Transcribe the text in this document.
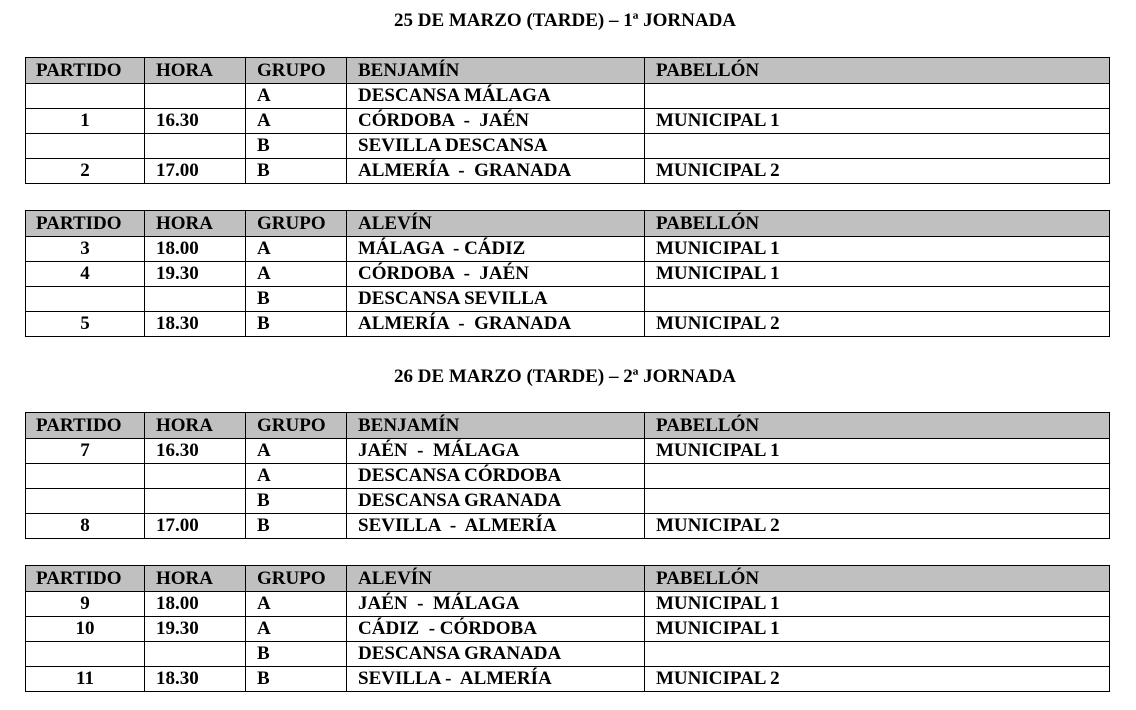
25 DE MARZO (TARDE) – 1ª JORNADA
PARTIDO	HORA	GRUPO	BENJAMÍN	PABELLÓN
		A	DESCANSA MÁLAGA	
1	16.30	A	CÓRDOBA  -  JAÉN	MUNICIPAL 1
		B	SEVILLA DESCANSA	
2	17.00	B	ALMERÍA  -  GRANADA	MUNICIPAL 2
PARTIDO	HORA	GRUPO	ALEVÍN	PABELLÓN
3	18.00	A	MÁLAGA  - CÁDIZ	MUNICIPAL 1
4	19.30	A	CÓRDOBA  -  JAÉN	MUNICIPAL 1
		B	DESCANSA SEVILLA	
5	18.30	B	ALMERÍA  -  GRANADA	MUNICIPAL 2
26 DE MARZO (TARDE) – 2ª JORNADA
PARTIDO	HORA	GRUPO	BENJAMÍN	PABELLÓN
7	16.30	A	JAÉN  -  MÁLAGA	MUNICIPAL 1
		A	DESCANSA CÓRDOBA	
		B	DESCANSA GRANADA	
8	17.00	B	SEVILLA  -  ALMERÍA	MUNICIPAL 2
PARTIDO	HORA	GRUPO	ALEVÍN	PABELLÓN
9	18.00	A	JAÉN  -  MÁLAGA	MUNICIPAL 1
10	19.30	A	CÁDIZ  - CÓRDOBA	MUNICIPAL 1
		B	DESCANSA GRANADA	
11	18.30	B	SEVILLA -  ALMERÍA	MUNICIPAL 2
